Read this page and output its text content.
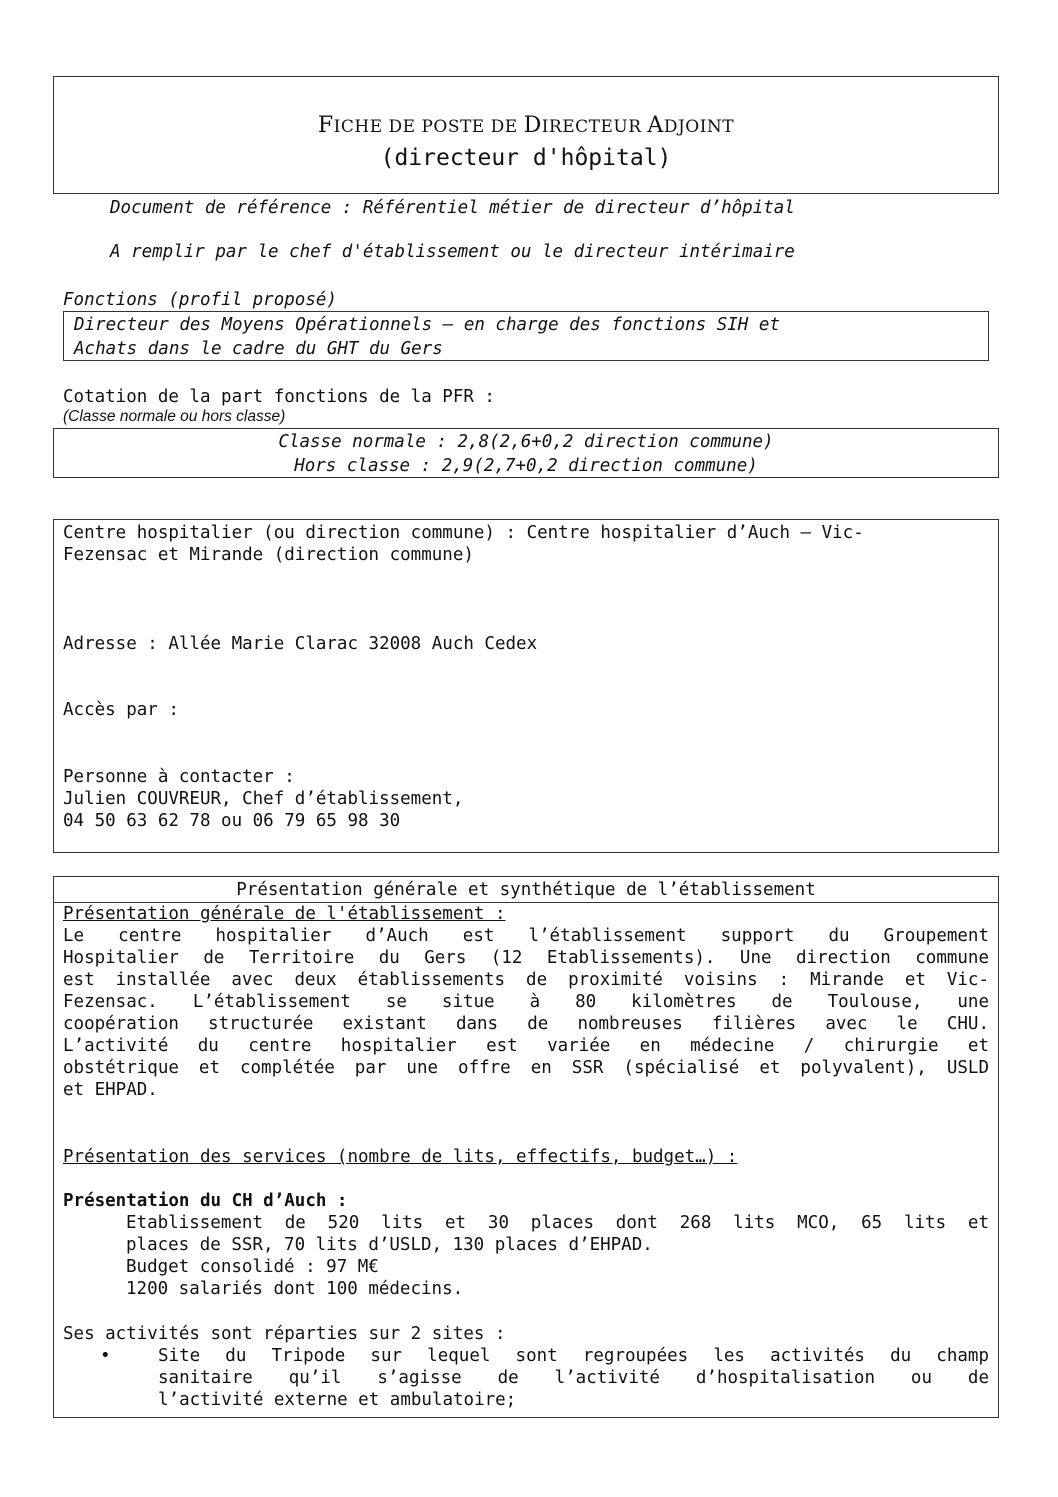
FICHE DE POSTE DE DIRECTEUR ADJOINT
(directeur d'hôpital)
Document de référence : Référentiel métier de directeur d’hôpital
A remplir par le chef d'établissement ou le directeur intérimaire
Fonctions (profil proposé)
Directeur des Moyens Opérationnels – en charge des fonctions SIH et
Achats dans le cadre du GHT du Gers
Cotation de la part fonctions de la PFR :
(Classe normale ou hors classe)
Classe normale : 2,8(2,6+0,2 direction commune)
Hors classe : 2,9(2,7+0,2 direction commune)
Centre hospitalier (ou direction commune) : Centre hospitalier d’Auch – Vic-
Fezensac et Mirande (direction commune)
Adresse : Allée Marie Clarac 32008 Auch Cedex
Accès par :
Personne à contacter :
Julien COUVREUR, Chef d’établissement,
04 50 63 62 78 ou 06 79 65 98 30
Présentation générale et synthétique de l’établissement
Présentation générale de l'établissement :
Le centre hospitalier d’Auch est l’établissement support du Groupement
Hospitalier de Territoire du Gers (12 Etablissements). Une direction commune
est installée avec deux établissements de proximité voisins : Mirande et Vic-
Fezensac. L’établissement se situe à 80 kilomètres de Toulouse, une
coopération structurée existant dans de nombreuses filières avec le CHU.
L’activité du centre hospitalier est variée en médecine / chirurgie et
obstétrique et complétée par une offre en SSR (spécialisé et polyvalent), USLD
et EHPAD.
Présentation des services (nombre de lits, effectifs, budget…) :
Présentation du CH d’Auch :
Etablissement de 520 lits et 30 places dont 268 lits MCO, 65 lits et
places de SSR, 70 lits d’USLD, 130 places d’EHPAD.
Budget consolidé : 97 M€
1200 salariés dont 100 médecins.
Ses activités sont réparties sur 2 sites :
•	Site du Tripode sur lequel sont regroupées les activités du champ
sanitaire qu’il s’agisse de l’activité d’hospitalisation ou de
l’activité externe et ambulatoire;
